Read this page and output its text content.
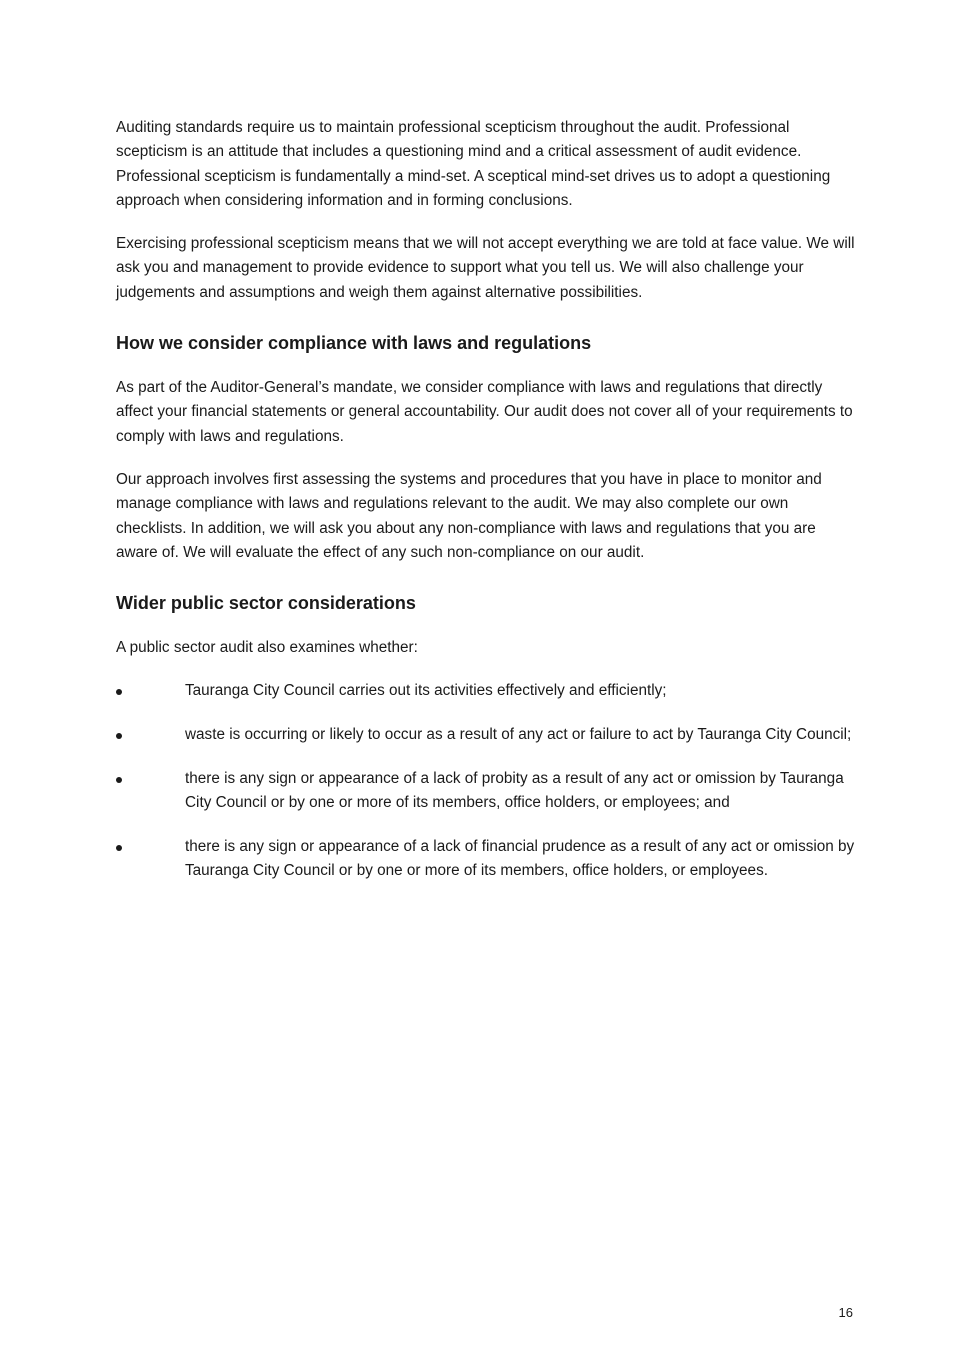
Auditing standards require us to maintain professional scepticism throughout the audit. Professional scepticism is an attitude that includes a questioning mind and a critical assessment of audit evidence. Professional scepticism is fundamentally a mind-set. A sceptical mind-set drives us to adopt a questioning approach when considering information and in forming conclusions.

Exercising professional scepticism means that we will not accept everything we are told at face value. We will ask you and management to provide evidence to support what you tell us. We will also challenge your judgements and assumptions and weigh them against alternative possibilities.

How we consider compliance with laws and regulations

As part of the Auditor-General’s mandate, we consider compliance with laws and regulations that directly affect your financial statements or general accountability. Our audit does not cover all of your requirements to comply with laws and regulations.

Our approach involves first assessing the systems and procedures that you have in place to monitor and manage compliance with laws and regulations relevant to the audit. We may also complete our own checklists. In addition, we will ask you about any non-compliance with laws and regulations that you are aware of. We will evaluate the effect of any such non-compliance on our audit.

Wider public sector considerations

A public sector audit also examines whether:

Tauranga City Council carries out its activities effectively and efficiently;
waste is occurring or likely to occur as a result of any act or failure to act by Tauranga City Council;
there is any sign or appearance of a lack of probity as a result of any act or omission by Tauranga City Council or by one or more of its members, office holders, or employees; and
there is any sign or appearance of a lack of financial prudence as a result of any act or omission by Tauranga City Council or by one or more of its members, office holders, or employees.
16
